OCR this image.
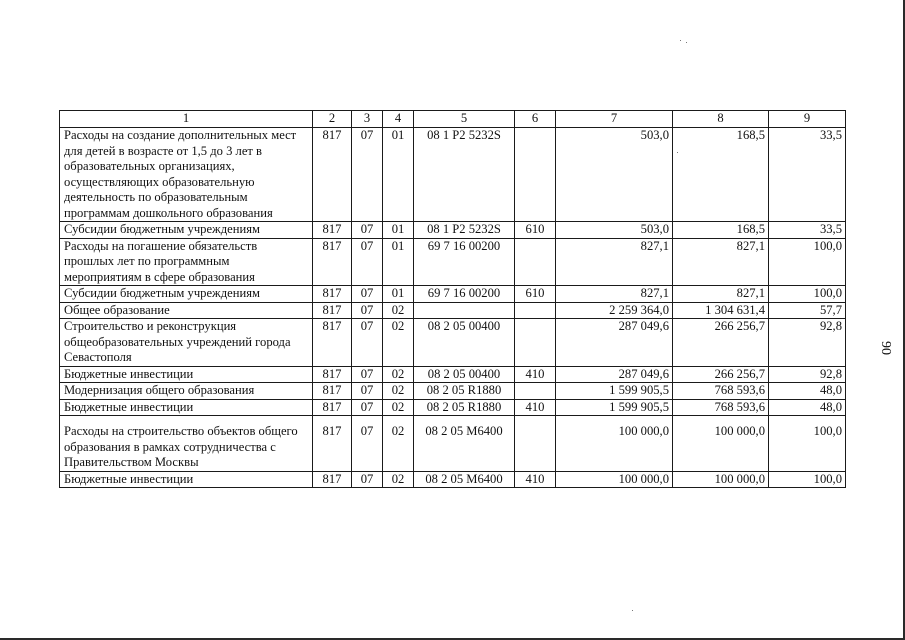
1	2	3	4	5	6	7	8	9
Расходы на создание дополнительных мест для детей в возрасте от 1,5 до 3 лет в образовательных организациях, осуществляющих образовательную деятельность по образовательным программам дошкольного образования	817	07	01	08 1 P2 5232S		503,0	168,5	33,5
Субсидии бюджетным учреждениям	817	07	01	08 1 P2 5232S	610	503,0	168,5	33,5
Расходы на погашение обязательств прошлых лет по программным мероприятиям в сфере образования	817	07	01	69 7 16 00200		827,1	827,1	100,0
Субсидии бюджетным учреждениям	817	07	01	69 7 16 00200	610	827,1	827,1	100,0
Общее образование	817	07	02			2 259 364,0	1 304 631,4	57,7
Строительство и реконструкция общеобразовательных учреждений города Севастополя	817	07	02	08 2 05 00400		287 049,6	266 256,7	92,8
Бюджетные инвестиции	817	07	02	08 2 05 00400	410	287 049,6	266 256,7	92,8
Модернизация общего образования	817	07	02	08 2 05 R1880		1 599 905,5	768 593,6	48,0
Бюджетные инвестиции	817	07	02	08 2 05 R1880	410	1 599 905,5	768 593,6	48,0
Расходы на строительство объектов общего образования в рамках сотрудничества с Правительством Москвы	817	07	02	08 2 05 M6400		100 000,0	100 000,0	100,0
Бюджетные инвестиции	817	07	02	08 2 05 M6400	410	100 000,0	100 000,0	100,0
90
